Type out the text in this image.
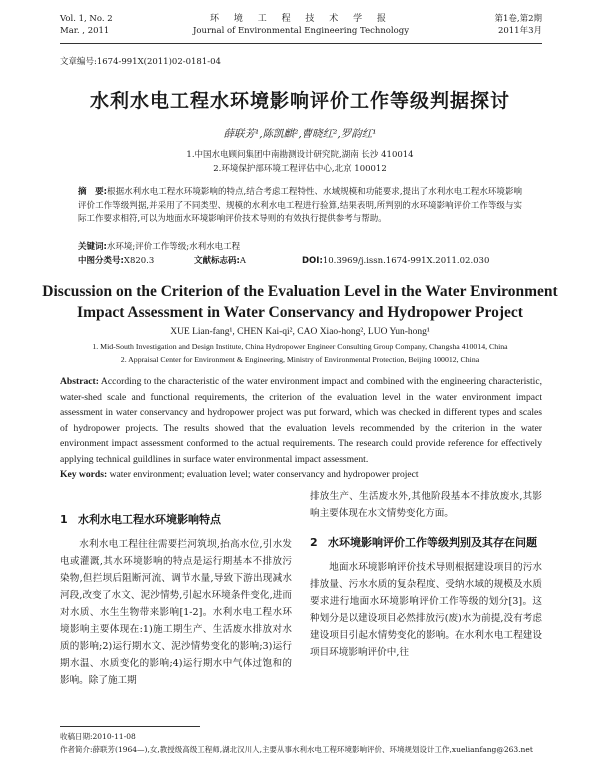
Vol. 1, No. 2
Mar. , 2011
环 境 工 程 技 术 学 报
Journal of Environmental Engineering Technology
第1卷,第2期
2011年3月
文章编号:1674-991X(2011)02-0181-04
水利水电工程水环境影响评价工作等级判据探讨
薛联芳¹,陈凯麒²,曹晓红²,罗韵红¹
1.中国水电顾问集团中南勘测设计研究院,湖南 长沙 410014
2.环境保护部环境工程评估中心,北京 100012
摘　要:根据水利水电工程水环境影响的特点,结合考虑工程特性、水域规模和功能要求,提出了水利水电工程水环境影响评价工作等级判据,并采用了不同类型、规模的水利水电工程进行验算,结果表明,所判别的水环境影响评价工作等级与实际工作要求相符,可以为地面水环境影响评价技术导则的有效执行提供参考与帮助。
关键词:水环境;评价工作等级;水利水电工程
中图分类号:X820.3	文献标志码:A	DOI:10.3969/j.issn.1674-991X.2011.02.030
Discussion on the Criterion of the Evaluation Level in the Water Environment Impact Assessment in Water Conservancy and Hydropower Project
XUE Lian-fang¹, CHEN Kai-qi², CAO Xiao-hong², LUO Yun-hong¹
1. Mid-South Investigation and Design Institute, China Hydropower Engineer Consulting Group Company, Changsha 410014, China
2. Appraisal Center for Environment & Engineering, Ministry of Environmental Protection, Beijing 100012, China
Abstract: According to the characteristic of the water environment impact and combined with the engineering characteristic, water-shed scale and functional requirements, the criterion of the evaluation level in the water environment impact assessment in water conservancy and hydropower project was put forward, which was checked in different types and scales of hydropower projects. The results showed that the evaluation levels recommended by the criterion in the water environment impact assessment conformed to the actual requirements. The research could provide reference for effectively applying technical guildlines in surface water environmental impact assessment.
Key words: water environment; evaluation level; water conservancy and hydropower project
1 水利水电工程水环境影响特点

水利水电工程往往需要拦河筑坝,抬高水位,引水发电或灌溉,其水环境影响的特点是运行期基本不排放污染物,但拦坝后阻断河流、调节水量,导致下游出现减水河段,改变了水文、泥沙情势,引起水环境条件变化,进而对水质、水生生物带来影响[1-2]。水利水电工程水环境影响主要体现在:1)施工期生产、生活废水排放对水质的影响;2)运行期水文、泥沙情势变化的影响;3)运行期水温、水质变化的影响;4)运行期水中气体过饱和的影响。除了施工期

排放生产、生活废水外,其他阶段基本不排放废水,其影响主要体现在水文情势变化方面。

2 水环境影响评价工作等级判别及其存在问题

地面水环境影响评价技术导则根据建设项目的污水排放量、污水水质的复杂程度、受纳水域的规模及水质要求进行地面水环境影响评价工作等级的划分[3]。这种划分是以建设项目必然排放污(废)水为前提,没有考虑建设项目引起水情势变化的影响。在水利水电工程建设项目环境影响评价中,往

收稿日期:2010-11-08
作者简介:薛联芳(1964—),女,教授级高级工程师,湖北汉川人,主要从事水利水电工程环境影响评价、环境规划设计工作,xuelianfang@263.net
